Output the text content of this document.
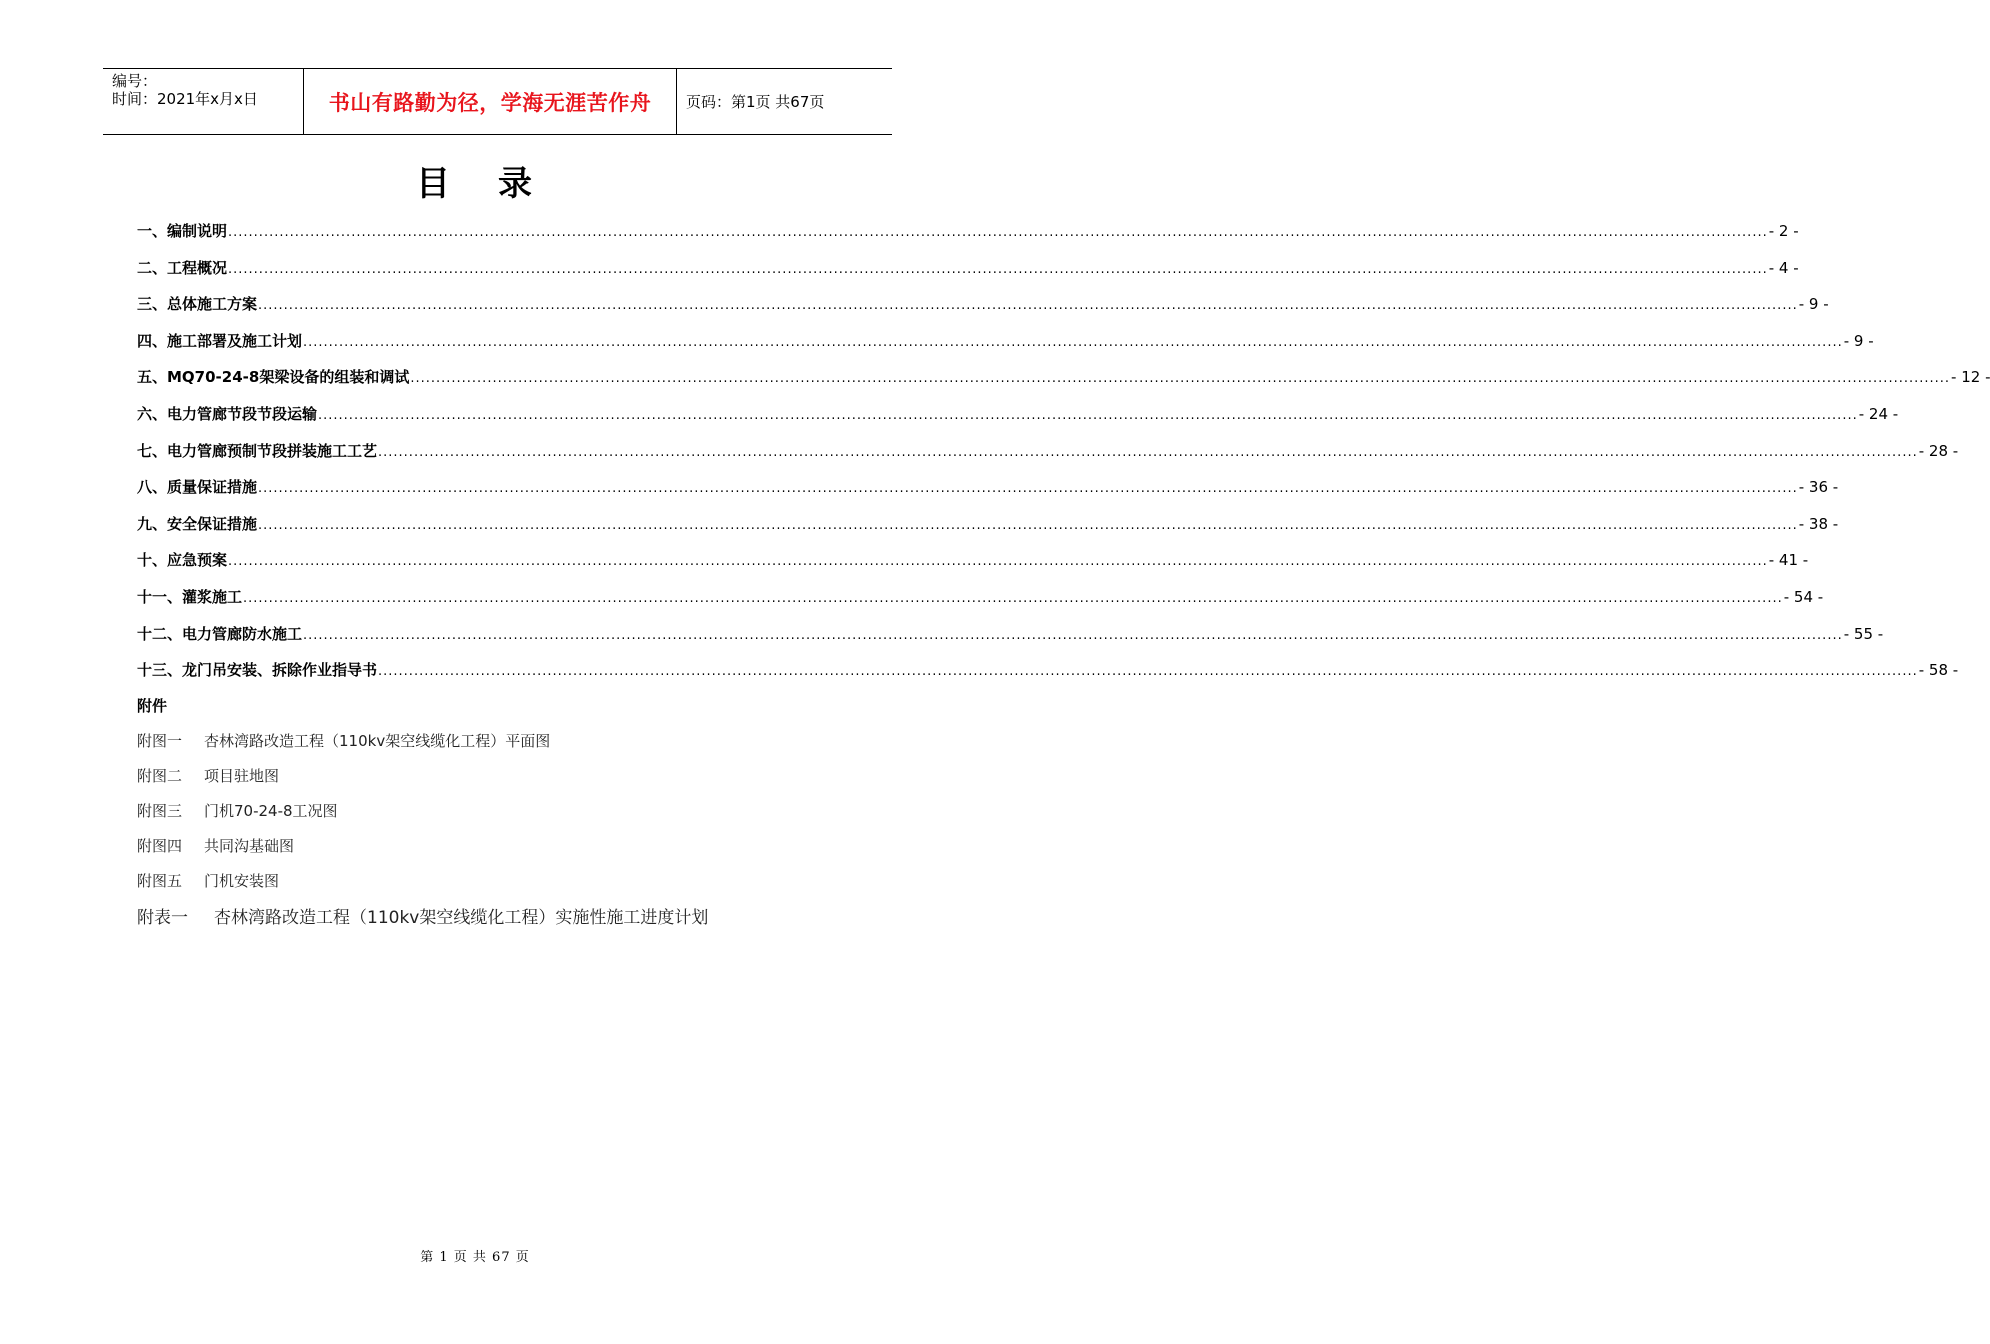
编号：
时间：2021年x月x日	书山有路勤为径，学海无涯苦作舟	页码：第1页 共67页
目 录
一、编制说明 ............................................................................................................................................................................................................................................................................................................ - 2 -
二、工程概况 ............................................................................................................................................................................................................................................................................................................ - 4 -
三、总体施工方案 ............................................................................................................................................................................................................................................................................................................ - 9 -
四、施工部署及施工计划 ............................................................................................................................................................................................................................................................................................................ - 9 -
五、MQ70-24-8架梁设备的组装和调试 ............................................................................................................................................................................................................................................................................................................ - 12 -
六、电力管廊节段节段运输 ............................................................................................................................................................................................................................................................................................................ - 24 -
七、电力管廊预制节段拼装施工工艺 ............................................................................................................................................................................................................................................................................................................ - 28 -
八、质量保证措施 ............................................................................................................................................................................................................................................................................................................ - 36 -
九、安全保证措施 ............................................................................................................................................................................................................................................................................................................ - 38 -
十、应急预案 ............................................................................................................................................................................................................................................................................................................ - 41 -
十一、灌浆施工 ............................................................................................................................................................................................................................................................................................................ - 54 -
十二、电力管廊防水施工 ............................................................................................................................................................................................................................................................................................................ - 55 -
十三、龙门吊安装、拆除作业指导书 ............................................................................................................................................................................................................................................................................................................ - 58 -
附件
附图一 杏林湾路改造工程（110kv架空线缆化工程）平面图
附图二 项目驻地图
附图三 门机70-24-8工况图
附图四 共同沟基础图
附图五 门机安装图
附表一 杏林湾路改造工程（110kv架空线缆化工程）实施性施工进度计划
第 1 页 共 67 页
